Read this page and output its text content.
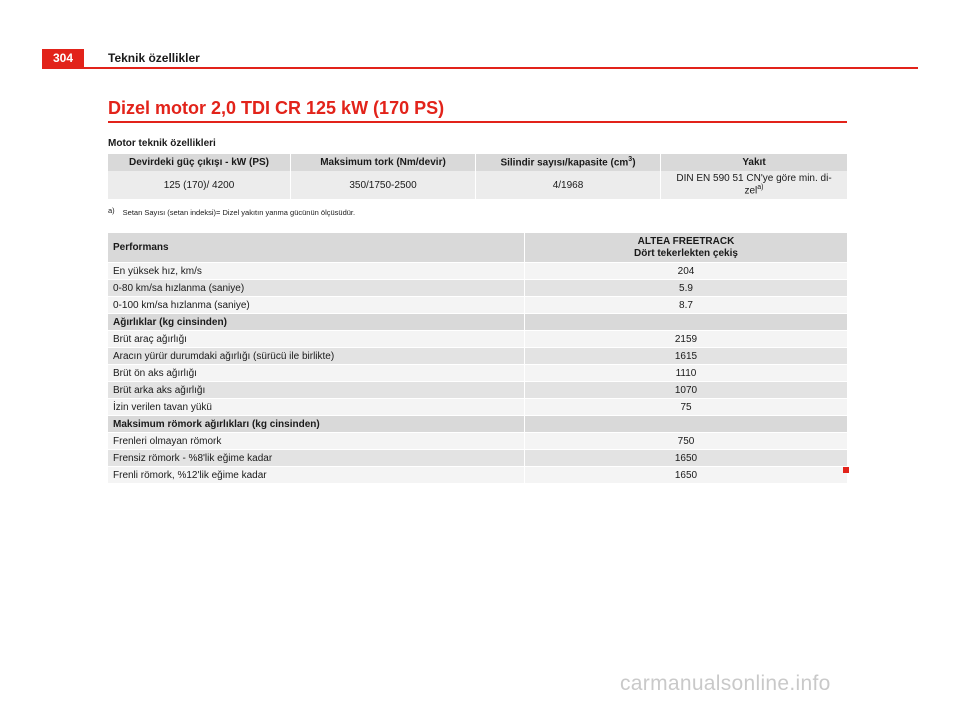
304	Teknik özellikler
Dizel motor 2,0 TDI CR 125 kW (170 PS)
Motor teknik özellikleri
Devirdeki güç çıkışı - kW (PS)	Maksimum tork (Nm/devir)	Silindir sayısı/kapasite $(cm^3)$	Yakıt
125 (170)/ 4200	350/1750-2500	4/1968	DIN EN 590 51 CN'ye göre min. di-zel$^{a)}$
a) Setan Sayısı (setan indeksi)= Dizel yakıtın yanma gücünün ölçüsüdür.
Performans	ALTEA FREETRACK
Dört tekerlekten çekiş

En yüksek hız, km/s	204
0-80 km/sa hızlanma (saniye)	5.9
0-100 km/sa hızlanma (saniye)	8.7
Ağırlıklar (kg cinsinden)	
Brüt araç ağırlığı	2159
Aracın yürür durumdaki ağırlığı (sürücü ile birlikte)	1615
Brüt ön aks ağırlığı	1110
Brüt arka aks ağırlığı	1070
İzin verilen tavan yükü	75
Maksimum römork ağırlıkları (kg cinsinden)	
Frenleri olmayan römork	750
Frensiz römork - %8'lik eğime kadar	1650
Frenli römork, %12'lik eğime kadar	1650
carmanualsonline.info
